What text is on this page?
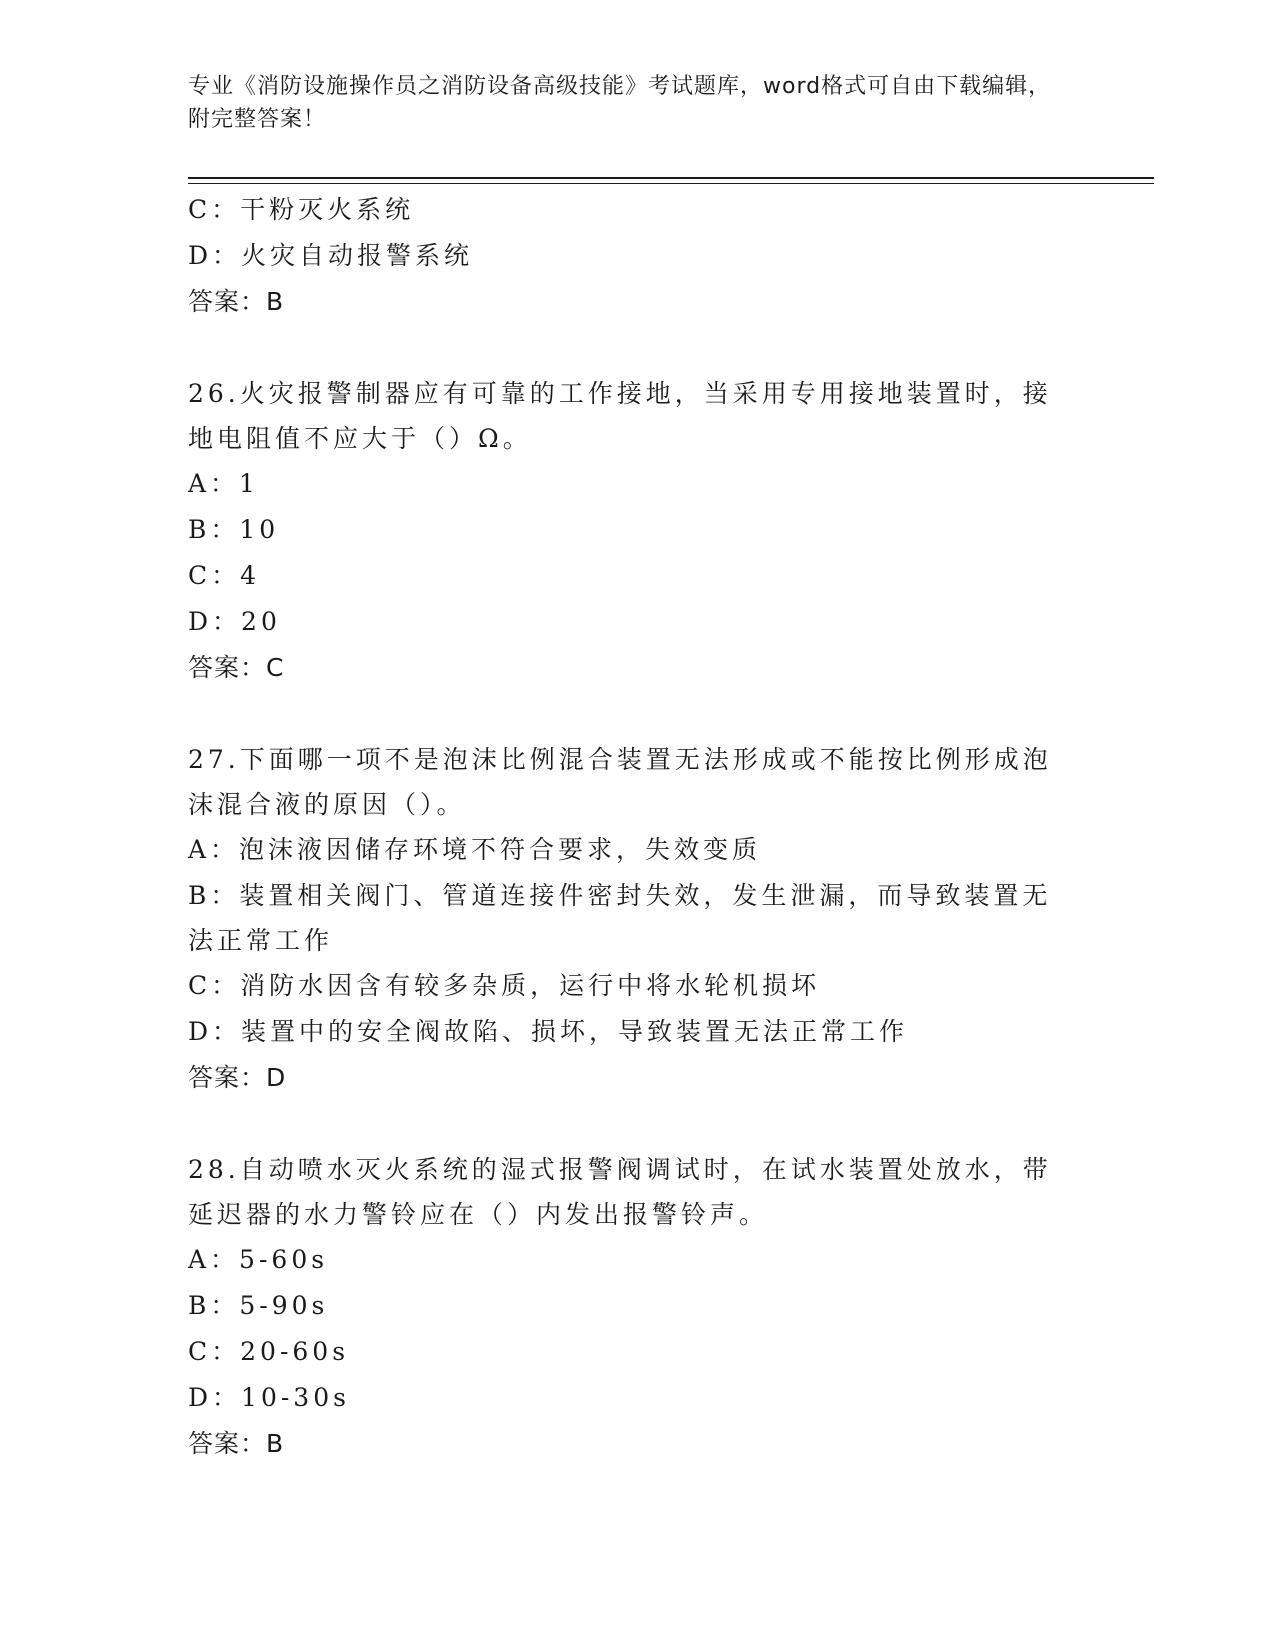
专业《消防设施操作员之消防设备高级技能》考试题库，word格式可自由下载编辑，附完整答案！
C：干粉灭火系统
D：火灾自动报警系统
答案：B
26.火灾报警制器应有可靠的工作接地，当采用专用接地装置时，接地电阻值不应大于（）Ω。
A：1
B：10
C：4
D：20
答案：C
27.下面哪一项不是泡沫比例混合装置无法形成或不能按比例形成泡沫混合液的原因（）。
A：泡沫液因储存环境不符合要求，失效变质
B：装置相关阀门、管道连接件密封失效，发生泄漏，而导致装置无法正常工作
C：消防水因含有较多杂质，运行中将水轮机损坏
D：装置中的安全阀故陷、损坏，导致装置无法正常工作
答案：D
28.自动喷水灭火系统的湿式报警阀调试时，在试水装置处放水，带延迟器的水力警铃应在（）内发出报警铃声。
A：5-60s
B：5-90s
C：20-60s
D：10-30s
答案：B
